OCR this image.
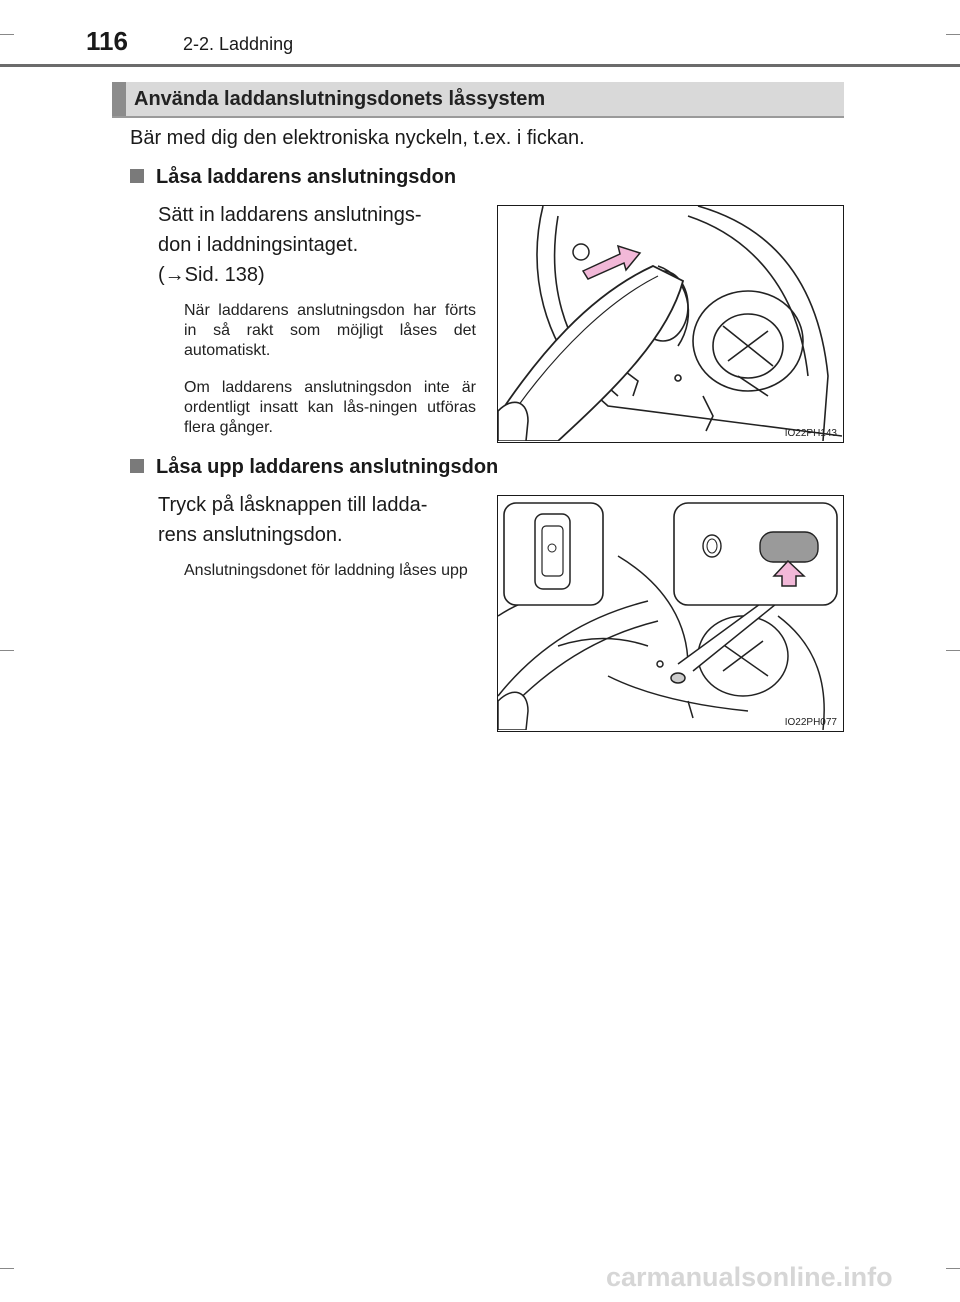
116	2-2. Laddning
Använda laddanslutningsdonets låssystem
Bär med dig den elektroniska nyckeln, t.ex. i fickan.
Låsa laddarens anslutningsdon
Sätt in laddarens anslutnings-
don i laddningsintaget.
(→Sid. 138)
När laddarens anslutningsdon har förts in så rakt som möjligt låses det automatiskt.
Om laddarens anslutningsdon inte är ordentligt insatt kan lås-ningen utföras flera gånger.	IO22PH143
Låsa upp laddarens anslutningsdon
Tryck på låsknappen till ladda-
rens anslutningsdon.
Anslutningsdonet för laddning låses upp
IO22PH077
carmanualsonline.info
